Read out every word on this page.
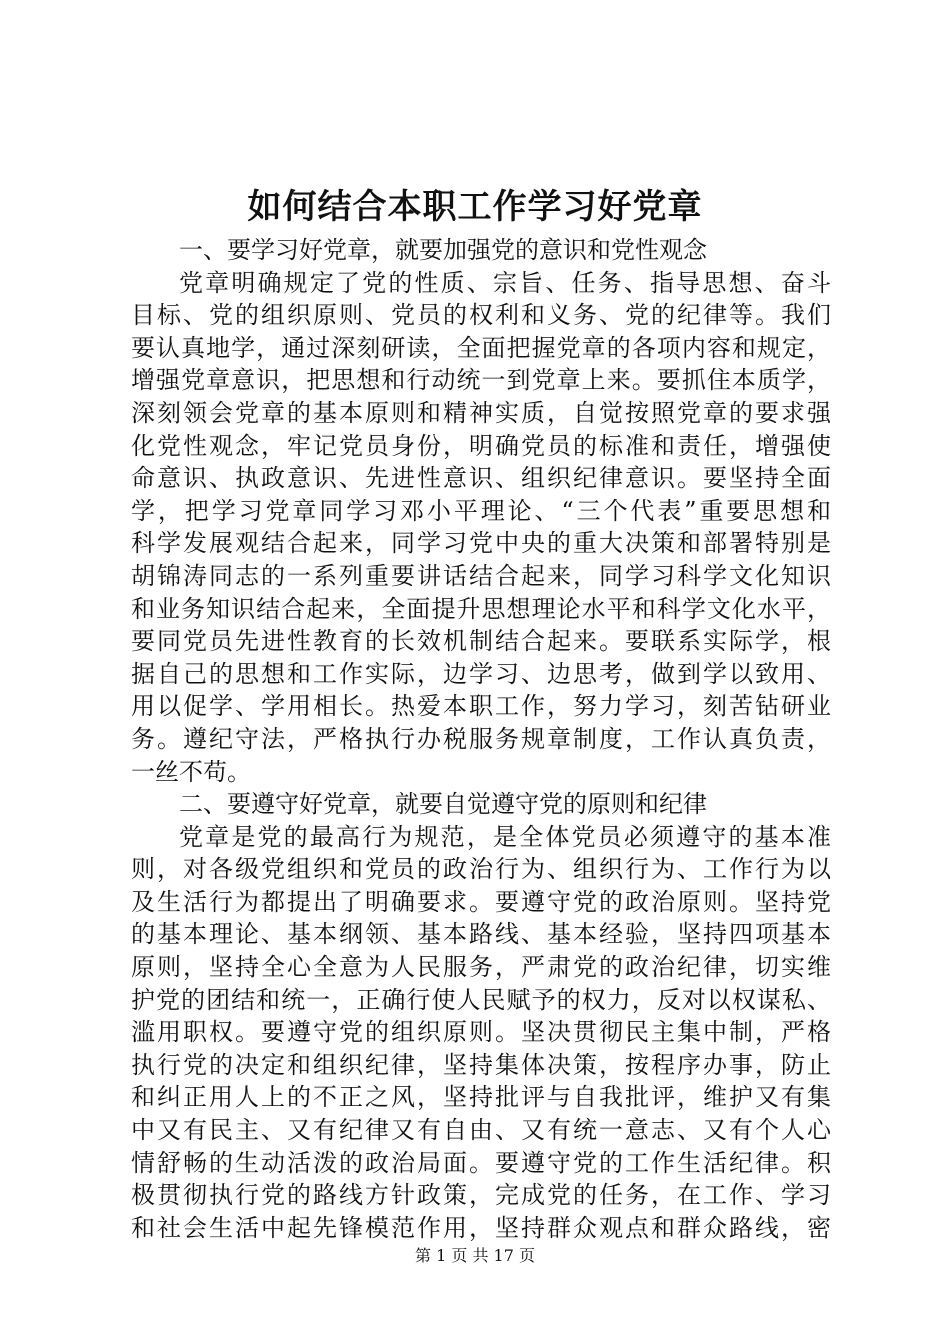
如何结合本职工作学习好党章
一、要学习好党章，就要加强党的意识和党性观念
党章明确规定了党的性质、宗旨、任务、指导思想、奋斗
目标、党的组织原则、党员的权利和义务、党的纪律等。我们
要认真地学，通过深刻研读，全面把握党章的各项内容和规定，
增强党章意识，把思想和行动统一到党章上来。要抓住本质学，
深刻领会党章的基本原则和精神实质，自觉按照党章的要求强
化党性观念，牢记党员身份，明确党员的标准和责任，增强使
命意识、执政意识、先进性意识、组织纪律意识。要坚持全面
学，把学习党章同学习邓小平理论、“三个代表”重要思想和
科学发展观结合起来，同学习党中央的重大决策和部署特别是
胡锦涛同志的一系列重要讲话结合起来，同学习科学文化知识
和业务知识结合起来，全面提升思想理论水平和科学文化水平，
要同党员先进性教育的长效机制结合起来。要联系实际学，根
据自己的思想和工作实际，边学习、边思考，做到学以致用、
用以促学、学用相长。热爱本职工作，努力学习，刻苦钻研业
务。遵纪守法，严格执行办税服务规章制度，工作认真负责，
一丝不苟。
二、要遵守好党章，就要自觉遵守党的原则和纪律
党章是党的最高行为规范，是全体党员必须遵守的基本准
则，对各级党组织和党员的政治行为、组织行为、工作行为以
及生活行为都提出了明确要求。要遵守党的政治原则。坚持党
的基本理论、基本纲领、基本路线、基本经验，坚持四项基本
原则，坚持全心全意为人民服务，严肃党的政治纪律，切实维
护党的团结和统一，正确行使人民赋予的权力，反对以权谋私、
滥用职权。要遵守党的组织原则。坚决贯彻民主集中制，严格
执行党的决定和组织纪律，坚持集体决策，按程序办事，防止
和纠正用人上的不正之风，坚持批评与自我批评，维护又有集
中又有民主、又有纪律又有自由、又有统一意志、又有个人心
情舒畅的生动活泼的政治局面。要遵守党的工作生活纪律。积
极贯彻执行党的路线方针政策，完成党的任务，在工作、学习
和社会生活中起先锋模范作用，坚持群众观点和群众路线，密
第 1 页 共 17 页
